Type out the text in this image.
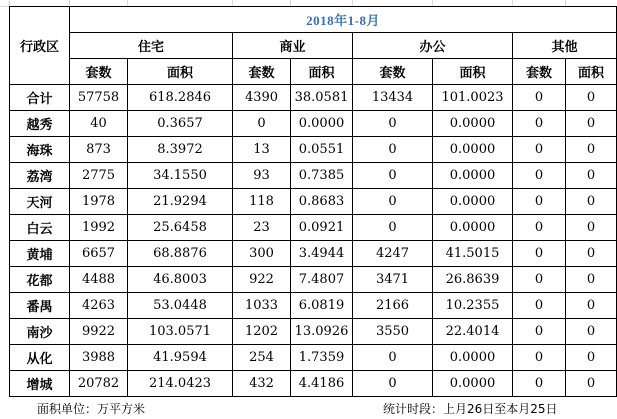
行政区	2018年1-8月							
	住宅		商业		办公		其他	
	套数	面积	套数	面积	套数	面积	套数	面积
合计	57758	618.2846	4390	38.0581	13434	101.0023	0	0
越秀	40	0.3657	0	0.0000	0	0.0000	0	0
海珠	873	8.3972	13	0.0551	0	0.0000	0	0
荔湾	2775	34.1550	93	0.7385	0	0.0000	0	0
天河	1978	21.9294	118	0.8683	0	0.0000	0	0
白云	1992	25.6458	23	0.0921	0	0.0000	0	0
黄埔	6657	68.8876	300	3.4944	4247	41.5015	0	0
花都	4488	46.8003	922	7.4807	3471	26.8639	0	0
番禺	4263	53.0448	1033	6.0819	2166	10.2355	0	0
南沙	9922	103.0571	1202	13.0926	3550	22.4014	0	0
从化	3988	41.9594	254	1.7359	0	0.0000	0	0
增城	20782	214.0423	432	4.4186	0	0.0000	0	0
面积单位：万平方米	统计时段：上月26日至本月25日
